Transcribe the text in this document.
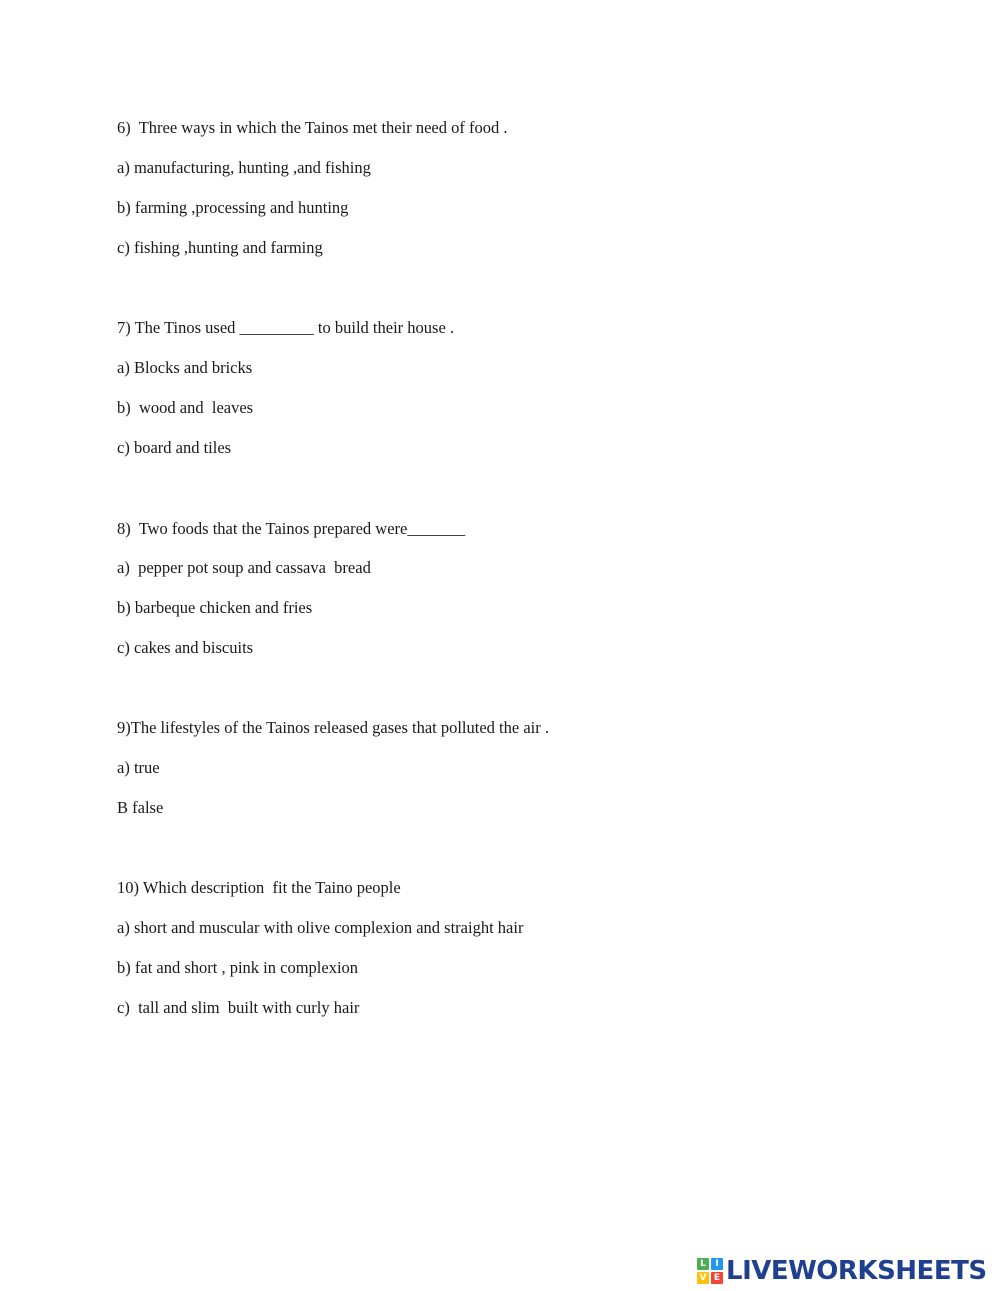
6)  Three ways in which the Tainos met their need of food .
a) manufacturing, hunting ,and fishing
b) farming ,processing and hunting
c) fishing ,hunting and farming
7) The Tinos used _________ to build their house .
a) Blocks and bricks
b)  wood and  leaves
c) board and tiles
8)  Two foods that the Tainos prepared were_______
a)  pepper pot soup and cassava  bread
b) barbeque chicken and fries
c) cakes and biscuits
9)The lifestyles of the Tainos released gases that polluted the air .
a) true
B false
10) Which description  fit the Taino people
a) short and muscular with olive complexion and straight hair
b) fat and short , pink in complexion
c)  tall and slim  built with curly hair
L	I
V E LIVEWORKSHEETS
